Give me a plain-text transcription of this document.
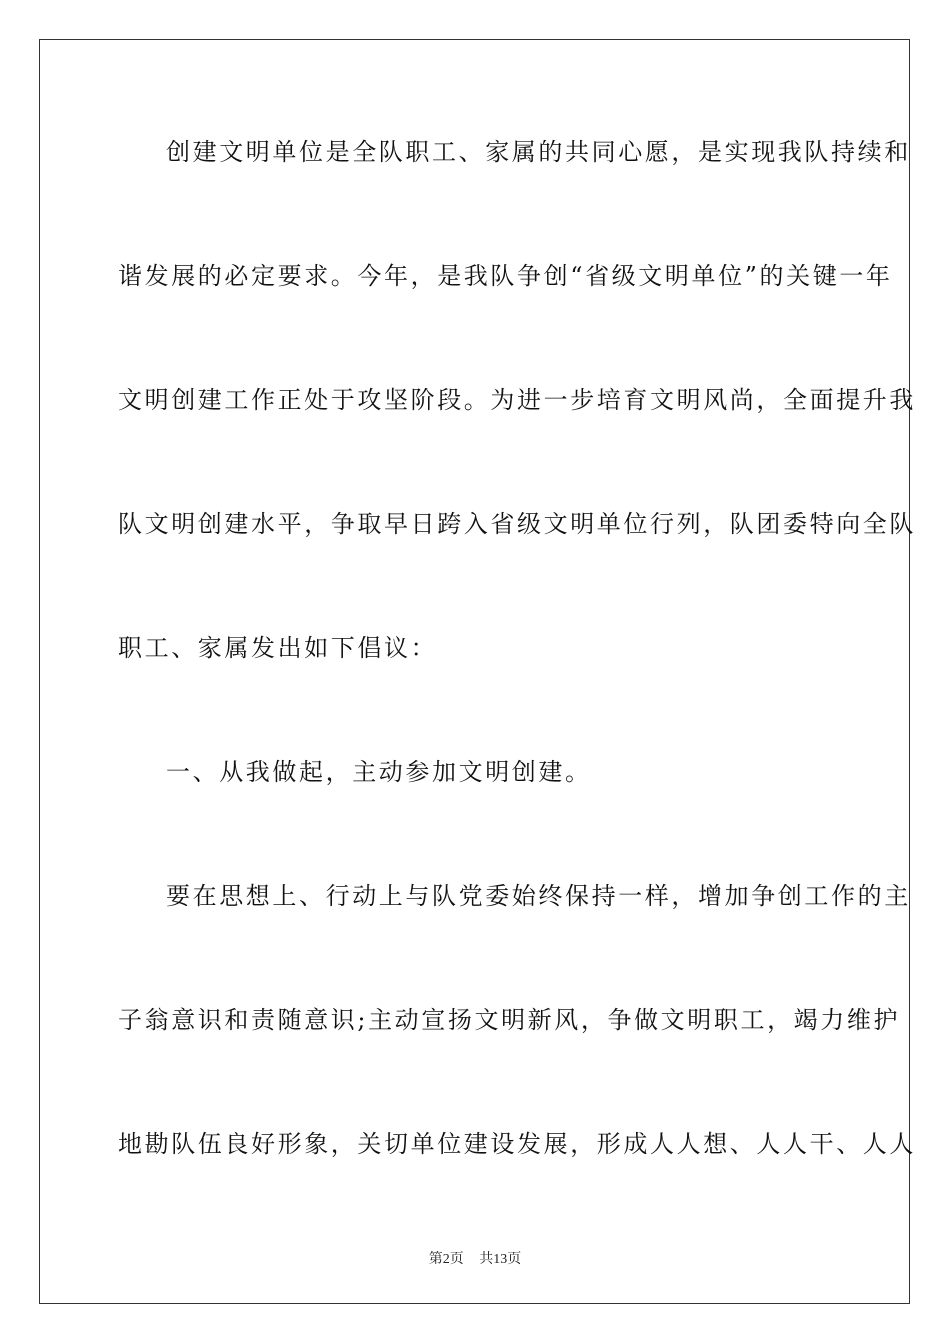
创建文明单位是全队职工、家属的共同心愿，是实现我队持续和
谐发展的必定要求。今年，是我队争创“省级文明单位”的关键一年
文明创建工作正处于攻坚阶段。为进一步培育文明风尚，全面提升我
队文明创建水平，争取早日跨入省级文明单位行列，队团委特向全队
职工、家属发出如下倡议：
一、从我做起，主动参加文明创建。
要在思想上、行动上与队党委始终保持一样，增加争创工作的主
子翁意识和责随意识;主动宣扬文明新风，争做文明职工，竭力维护
地勘队伍良好形象，关切单位建设发展，形成人人想、人人干、人人
第2页 共13页
